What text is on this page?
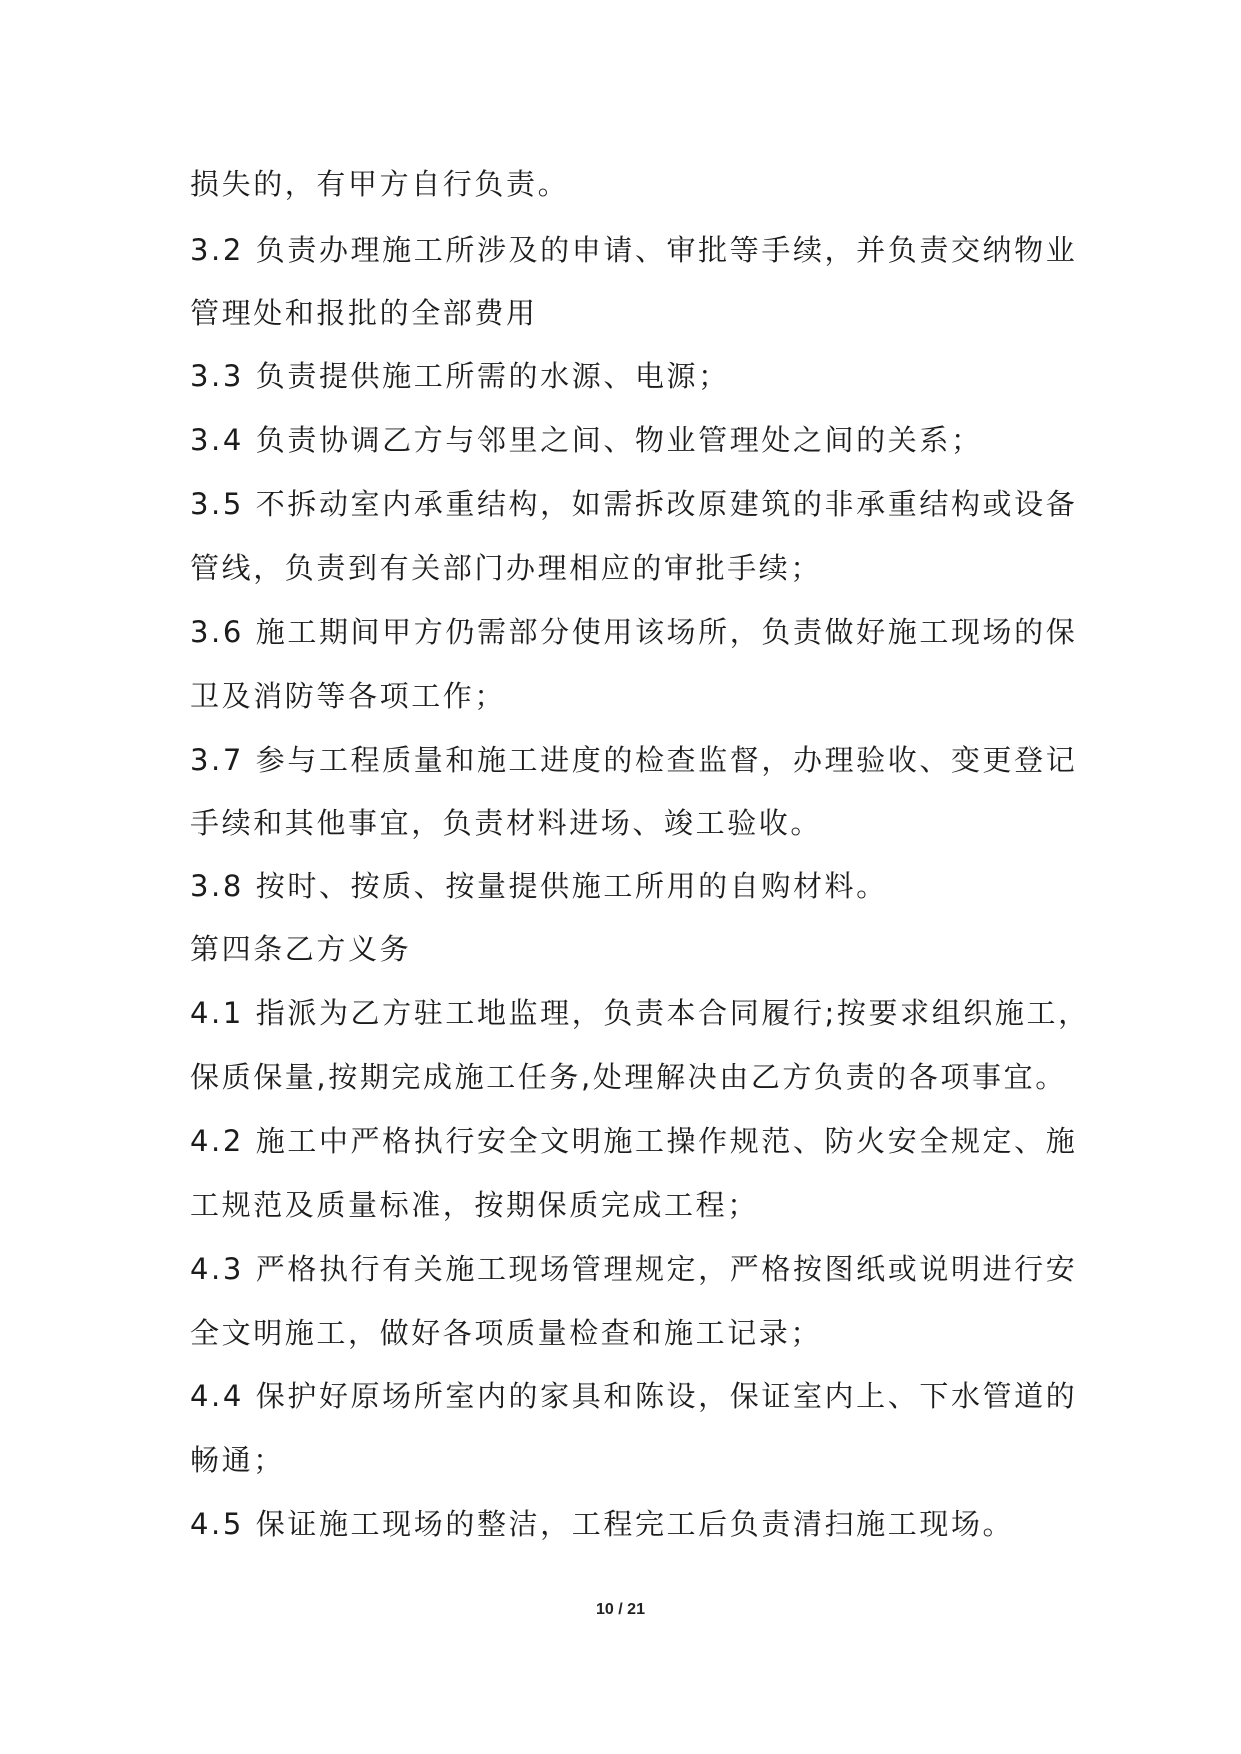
损失的，有甲方自行负责。
3.2 负责办理施工所涉及的申请、审批等手续，并负责交纳物业
管理处和报批的全部费用
3.3 负责提供施工所需的水源、电源；
3.4 负责协调乙方与邻里之间、物业管理处之间的关系；
3.5 不拆动室内承重结构，如需拆改原建筑的非承重结构或设备
管线，负责到有关部门办理相应的审批手续；
3.6 施工期间甲方仍需部分使用该场所，负责做好施工现场的保
卫及消防等各项工作；
3.7 参与工程质量和施工进度的检查监督，办理验收、变更登记
手续和其他事宜，负责材料进场、竣工验收。
3.8 按时、按质、按量提供施工所用的自购材料。
第四条乙方义务
4.1 指派为乙方驻工地监理，负责本合同履行;按要求组织施工，
保质保量,按期完成施工任务,处理解决由乙方负责的各项事宜。
4.2 施工中严格执行安全文明施工操作规范、防火安全规定、施
工规范及质量标准，按期保质完成工程；
4.3 严格执行有关施工现场管理规定，严格按图纸或说明进行安
全文明施工，做好各项质量检查和施工记录；
4.4 保护好原场所室内的家具和陈设，保证室内上、下水管道的
畅通；
4.5 保证施工现场的整洁，工程完工后负责清扫施工现场。
10 / 21
